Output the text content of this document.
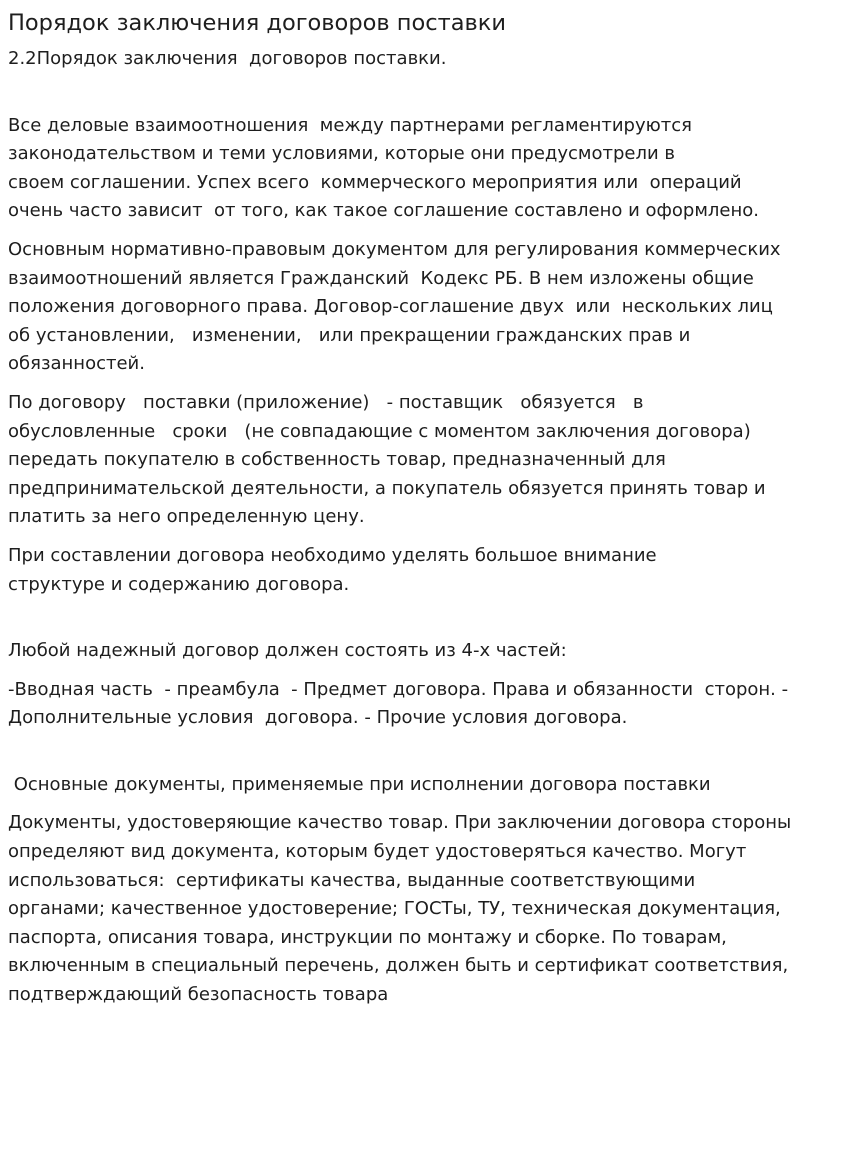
Порядок заключения договоров поставки

2.2Порядок заключения  договоров поставки.

Все деловые взаимоотношения  между партнерами регламентируются
законодательством и теми условиями, которые они предусмотрели в
своем соглашении. Успех всего  коммерческого мероприятия или  операций
очень часто зависит  от того, как такое соглашение составлено и оформлено.
Основным нормативно-правовым документом для регулирования коммерческих
взаимоотношений является Гражданский  Кодекс РБ. В нем изложены общие
положения договорного права. Договор-соглашение двух  или  нескольких лиц
об установлении,   изменении,   или прекращении гражданских прав и
обязанностей.
По договору   поставки (приложение)   - поставщик   обязуется   в
обусловленные   сроки   (не совпадающие с моментом заключения договора)
передать покупателю в собственность товар, предназначенный для
предпринимательской деятельности, а покупатель обязуется принять товар и
платить за него определенную цену.
При составлении договора необходимо уделять большое внимание
структуре и содержанию договора.
Любой надежный договор должен состоять из 4-х частей:
-Вводная часть  - преамбула  - Предмет договора. Права и обязанности  сторон. -
Дополнительные условия  договора. - Прочие условия договора.

Основные документы, применяемые при исполнении договора поставки

Документы, удостоверяющие качество товар. При заключении договора стороны
определяют вид документа, которым будет удостоверяться качество. Могут
использоваться:  сертификаты качества, выданные соответствующими
органами; качественное удостоверение; ГОСТы, ТУ, техническая документация,
паспорта, описания товара, инструкции по монтажу и сборке. По товарам,
включенным в специальный перечень, должен быть и сертификат соответствия,
подтверждающий безопасность товара
